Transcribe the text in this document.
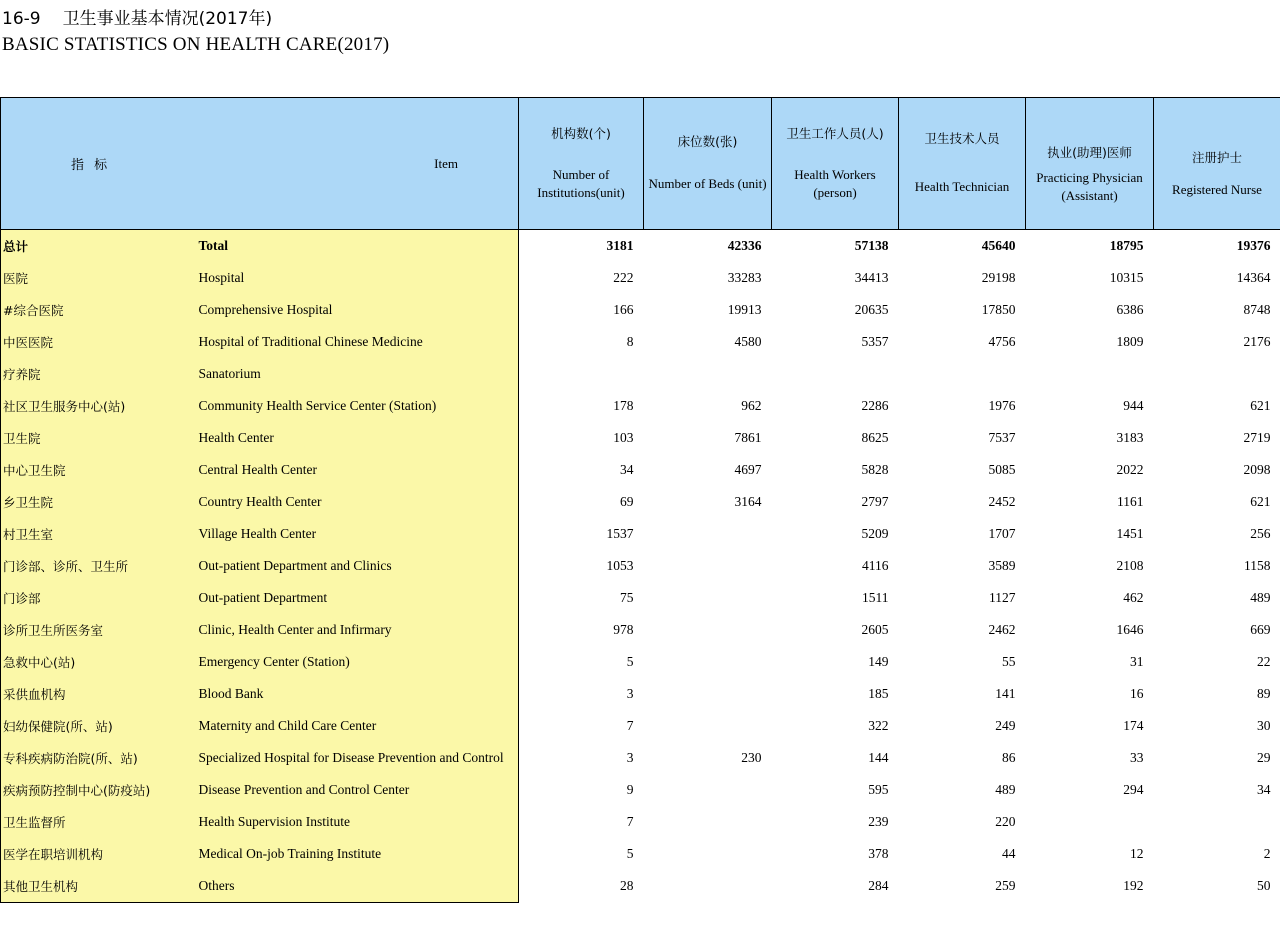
16-9 卫生事业基本情况(2017年)
BASIC STATISTICS ON HEALTH CARE(2017)
指 标 Item		机构数(个)
Number of
Institutions(unit)	床位数(张)
Number of Beds (unit)	卫生工作人员(人)
Health Workers
(person)	卫生技术人员
Health Technician	执业(助理)医师
Practicing Physician
(Assistant)	注册护士
Registered Nurse

总计	Total	3181	42336	57138	45640	18795	19376
医院	Hospital	222	33283	34413	29198	10315	14364
#综合医院	Comprehensive Hospital	166	19913	20635	17850	6386	8748
中医医院	Hospital of Traditional Chinese Medicine	8	4580	5357	4756	1809	2176
疗养院	Sanatorium						
社区卫生服务中心(站)	Community Health Service Center (Station)	178	962	2286	1976	944	621
卫生院	Health Center	103	7861	8625	7537	3183	2719
中心卫生院	Central Health Center	34	4697	5828	5085	2022	2098
乡卫生院	Country Health Center	69	3164	2797	2452	1161	621
村卫生室	Village Health Center	1537		5209	1707	1451	256
门诊部、诊所、卫生所	Out-patient Department and Clinics	1053		4116	3589	2108	1158
门诊部	Out-patient Department	75		1511	1127	462	489
诊所卫生所医务室	Clinic, Health Center and Infirmary	978		2605	2462	1646	669
急救中心(站)	Emergency Center (Station)	5		149	55	31	22
采供血机构	Blood Bank	3		185	141	16	89
妇幼保健院(所、站)	Maternity and Child Care Center	7		322	249	174	30
专科疾病防治院(所、站)	Specialized Hospital for Disease Prevention and Control	3	230	144	86	33	29
疾病预防控制中心(防疫站)	Disease Prevention and Control Center	9		595	489	294	34
卫生监督所	Health Supervision Institute	7		239	220		
医学在职培训机构	Medical On-job Training Institute	5		378	44	12	2
其他卫生机构	Others	28		284	259	192	50
